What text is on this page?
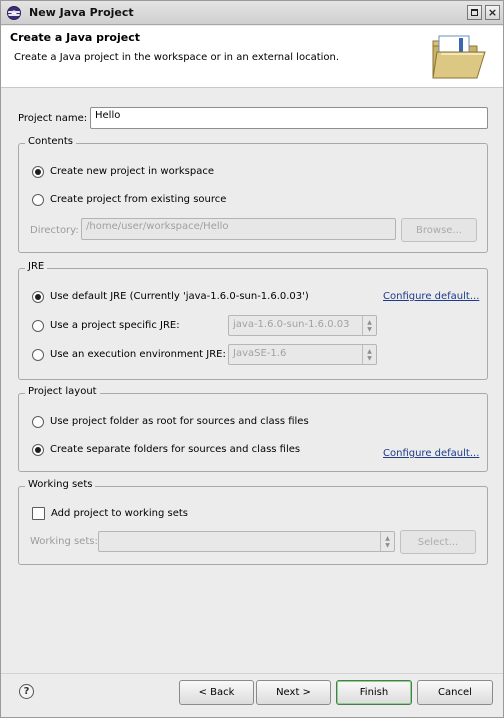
New Java Project	×
Create a Java project
Create a Java project in the workspace or in an external location.
Project name: Hello
Contents
Create new project in workspace
Create project from existing source
Directory: /home/user/workspace/Hello	Browse...
JRE
Use default JRE (Currently 'java-1.6.0-sun-1.6.0.03')	Configure default...
Use a project specific JRE:	java-1.6.0-sun-1.6.0.03	▲
▼
Use an execution environment JRE: JavaSE-1.6	▲
▼
Project layout
Use project folder as root for sources and class files
Create separate folders for sources and class files	Configure default...
Working sets
Add project to working sets
Working sets:	▲
▼	Select...
?	< Back	Next >	Finish	Cancel
